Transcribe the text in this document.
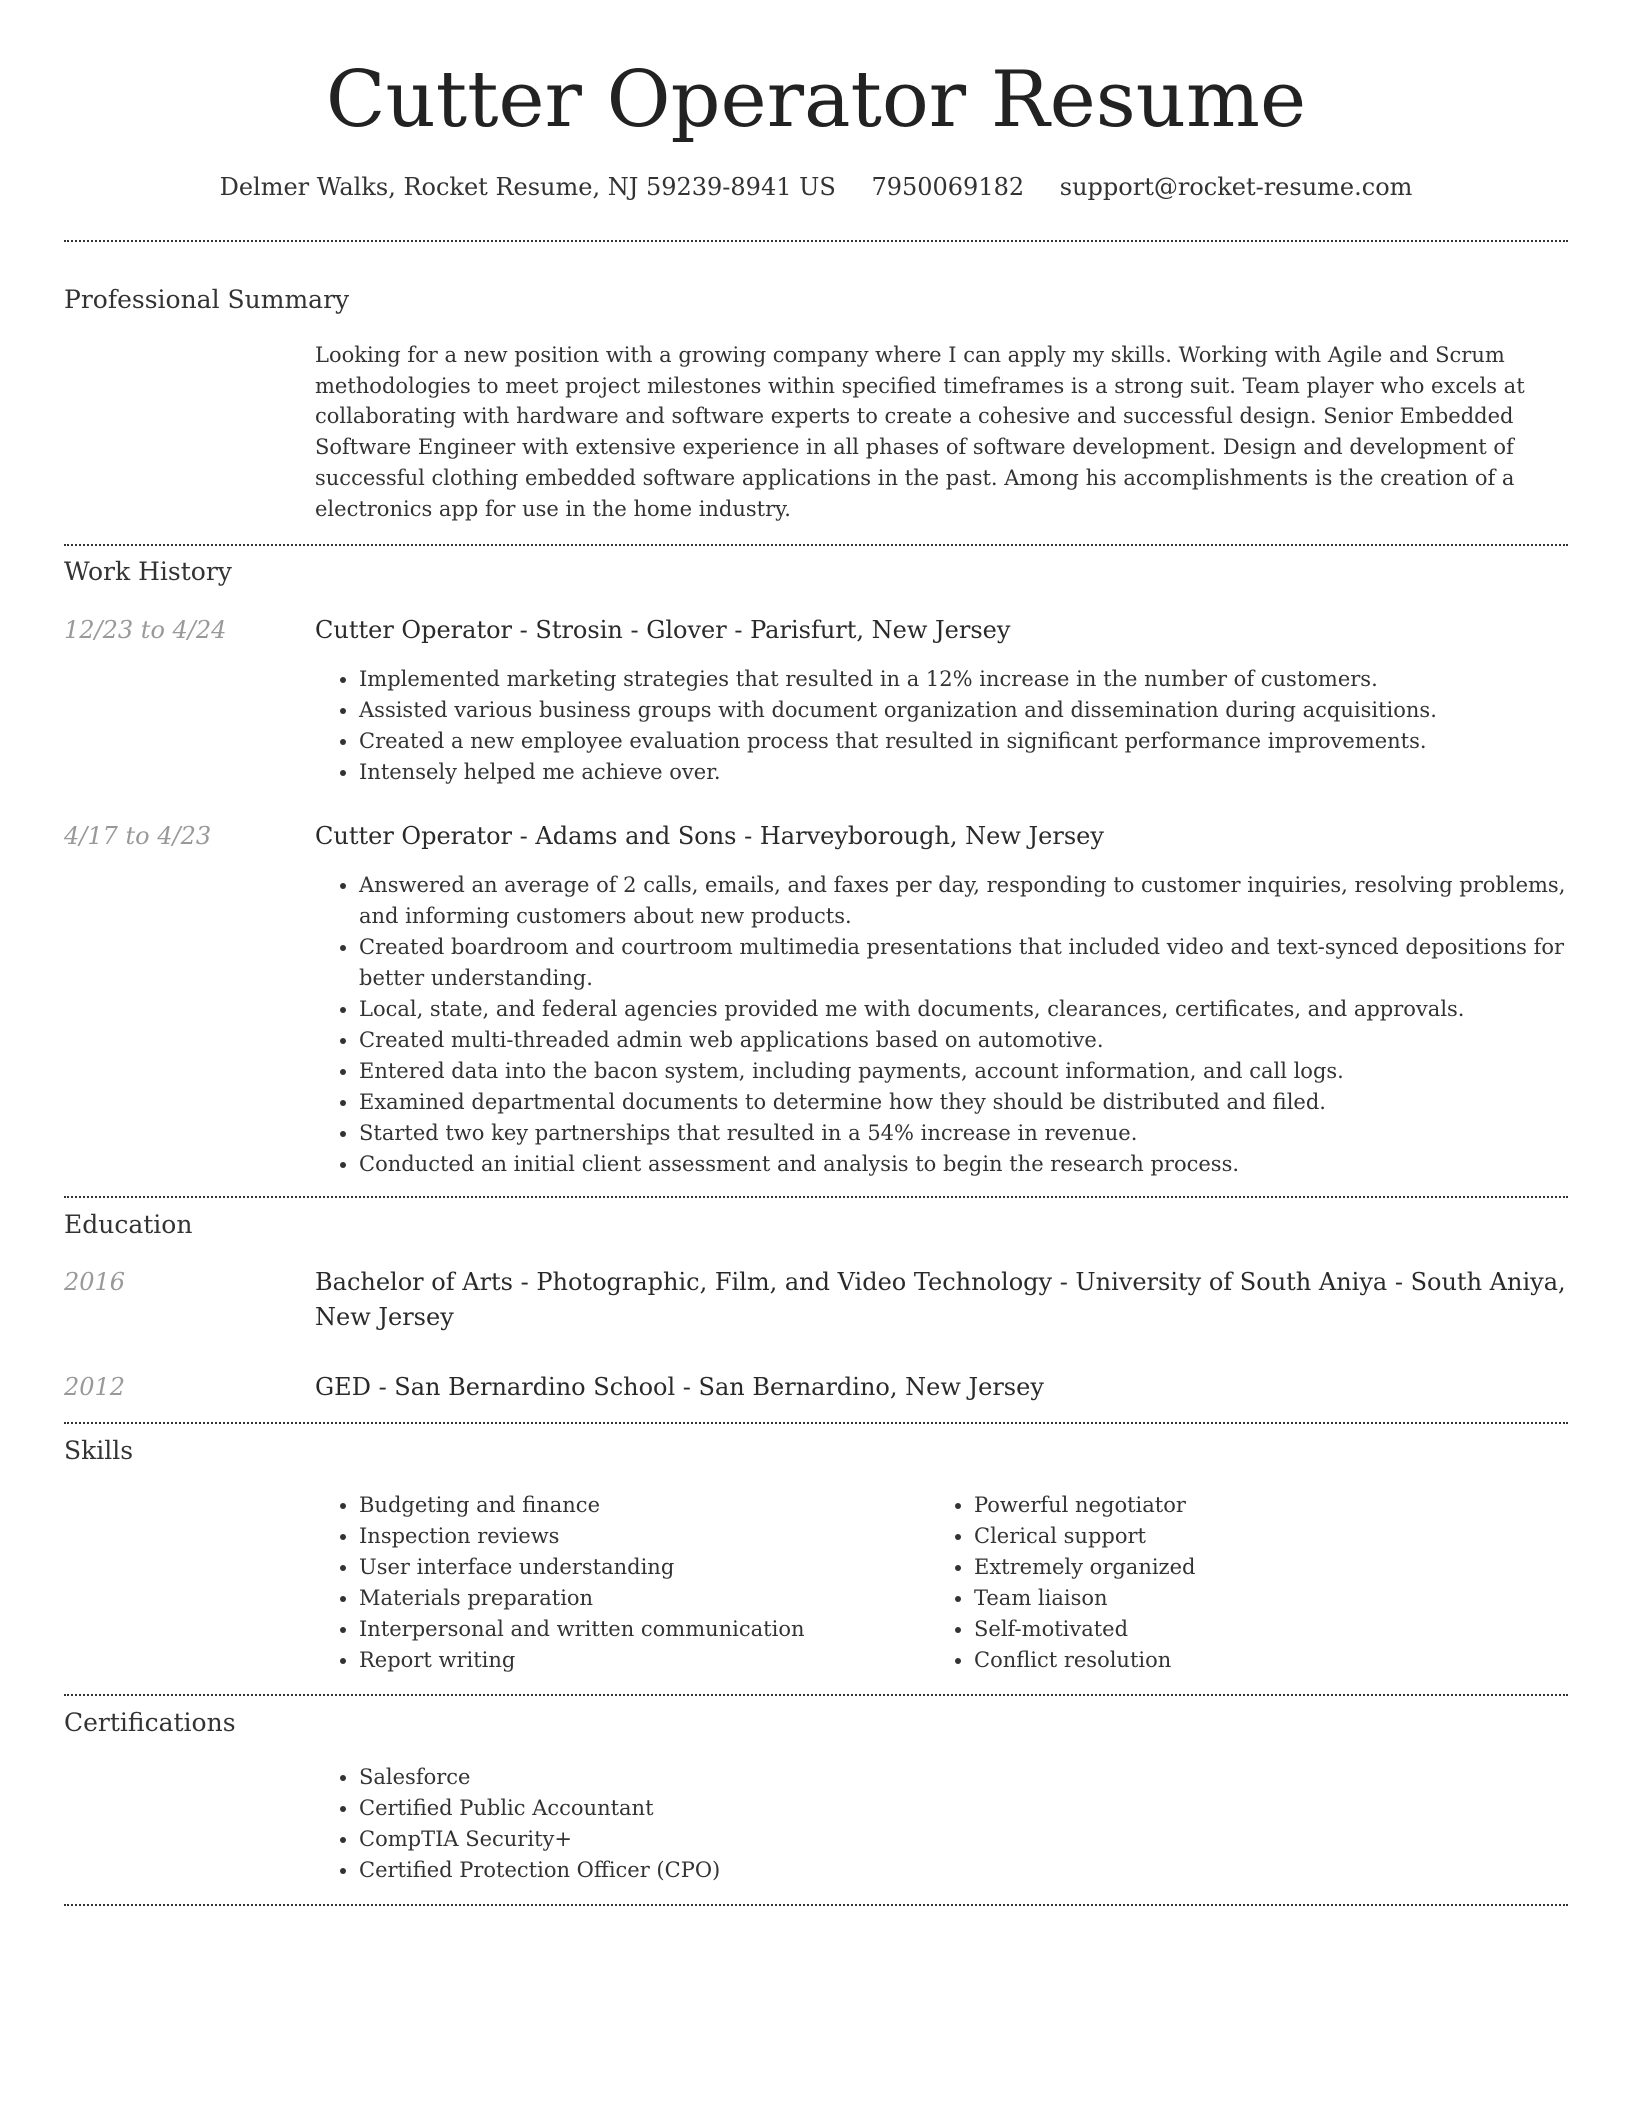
Cutter Operator Resume
Delmer Walks, Rocket Resume, NJ 59239-8941 US 7950069182 support@rocket-resume.com
Professional Summary
Looking for a new position with a growing company where I can apply my skills. Working with Agile and Scrum methodologies to meet project milestones within specified timeframes is a strong suit. Team player who excels at collaborating with hardware and software experts to create a cohesive and successful design. Senior Embedded Software Engineer with extensive experience in all phases of software development. Design and development of successful clothing embedded software applications in the past. Among his accomplishments is the creation of a electronics app for use in the home industry.
Work History
12/23 to 4/24	Cutter Operator - Strosin - Glover - Parisfurt, New Jersey
• Implemented marketing strategies that resulted in a 12% increase in the number of customers.
• Assisted various business groups with document organization and dissemination during acquisitions.
• Created a new employee evaluation process that resulted in significant performance improvements.
• Intensely helped me achieve over.
4/17 to 4/23	Cutter Operator - Adams and Sons - Harveyborough, New Jersey
• Answered an average of 2 calls, emails, and faxes per day, responding to customer inquiries, resolving problems, and informing customers about new products.
• Created boardroom and courtroom multimedia presentations that included video and text-synced depositions for better understanding.
• Local, state, and federal agencies provided me with documents, clearances, certificates, and approvals.
• Created multi-threaded admin web applications based on automotive.
• Entered data into the bacon system, including payments, account information, and call logs.
• Examined departmental documents to determine how they should be distributed and filed.
• Started two key partnerships that resulted in a 54% increase in revenue.
• Conducted an initial client assessment and analysis to begin the research process.
Education
2016	Bachelor of Arts - Photographic, Film, and Video Technology - University of South Aniya - South Aniya, New Jersey
2012	GED - San Bernardino School - San Bernardino, New Jersey
Skills
• Budgeting and finance
• Inspection reviews
• User interface understanding
• Materials preparation
• Interpersonal and written communication
• Report writing
• Powerful negotiator
• Clerical support
• Extremely organized
• Team liaison
• Self-motivated
• Conflict resolution
Certifications
• Salesforce
• Certified Public Accountant
• CompTIA Security+
• Certified Protection Officer (CPO)
